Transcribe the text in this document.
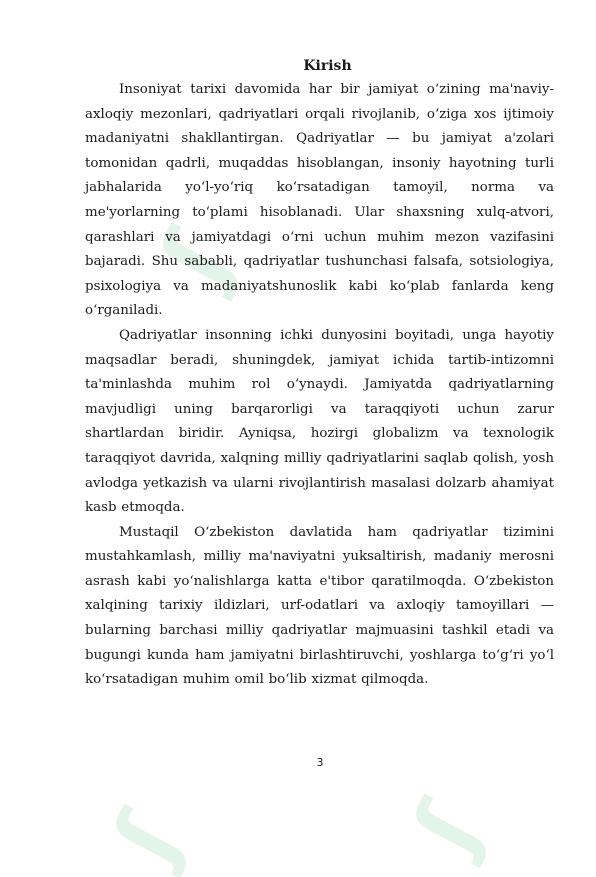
ʃ
ʃ
ʃ
Kirish

Insoniyat tarixi davomida har bir jamiyat o‘zining ma'naviy-axloqiy mezonlari, qadriyatlari orqali rivojlanib, o‘ziga xos ijtimoiy madaniyatni shakllantirgan. Qadriyatlar — bu jamiyat a'zolari tomonidan qadrli, muqaddas hisoblangan, insoniy hayotning turli jabhalarida yo‘l-yo‘riq ko‘rsatadigan tamoyil, norma va me'yorlarning to‘plami hisoblanadi. Ular shaxsning xulq-atvori, qarashlari va jamiyatdagi o‘rni uchun muhim mezon vazifasini bajaradi. Shu sababli, qadriyatlar tushunchasi falsafa, sotsiologiya, psixologiya va madaniyatshunoslik kabi ko‘plab fanlarda keng o‘rganiladi.

Qadriyatlar insonning ichki dunyosini boyitadi, unga hayotiy maqsadlar beradi, shuningdek, jamiyat ichida tartib-intizomni ta'minlashda muhim rol o‘ynaydi. Jamiyatda qadriyatlarning mavjudligi uning barqarorligi va taraqqiyoti uchun zarur shartlardan biridir. Ayniqsa, hozirgi globalizm va texnologik taraqqiyot davrida, xalqning milliy qadriyatlarini saqlab qolish, yosh avlodga yetkazish va ularni rivojlantirish masalasi dolzarb ahamiyat kasb etmoqda.

Mustaqil O‘zbekiston davlatida ham qadriyatlar tizimini mustahkamlash, milliy ma'naviyatni yuksaltirish, madaniy merosni asrash kabi yo‘nalishlarga katta e'tibor qaratilmoqda. O‘zbekiston xalqining tarixiy ildizlari, urf-odatlari va axloqiy tamoyillari — bularning barchasi milliy qadriyatlar majmuasini tashkil etadi va bugungi kunda ham jamiyatni birlashtiruvchi, yoshlarga to‘g‘ri yo‘l ko‘rsatadigan muhim omil bo‘lib xizmat qilmoqda.

3
